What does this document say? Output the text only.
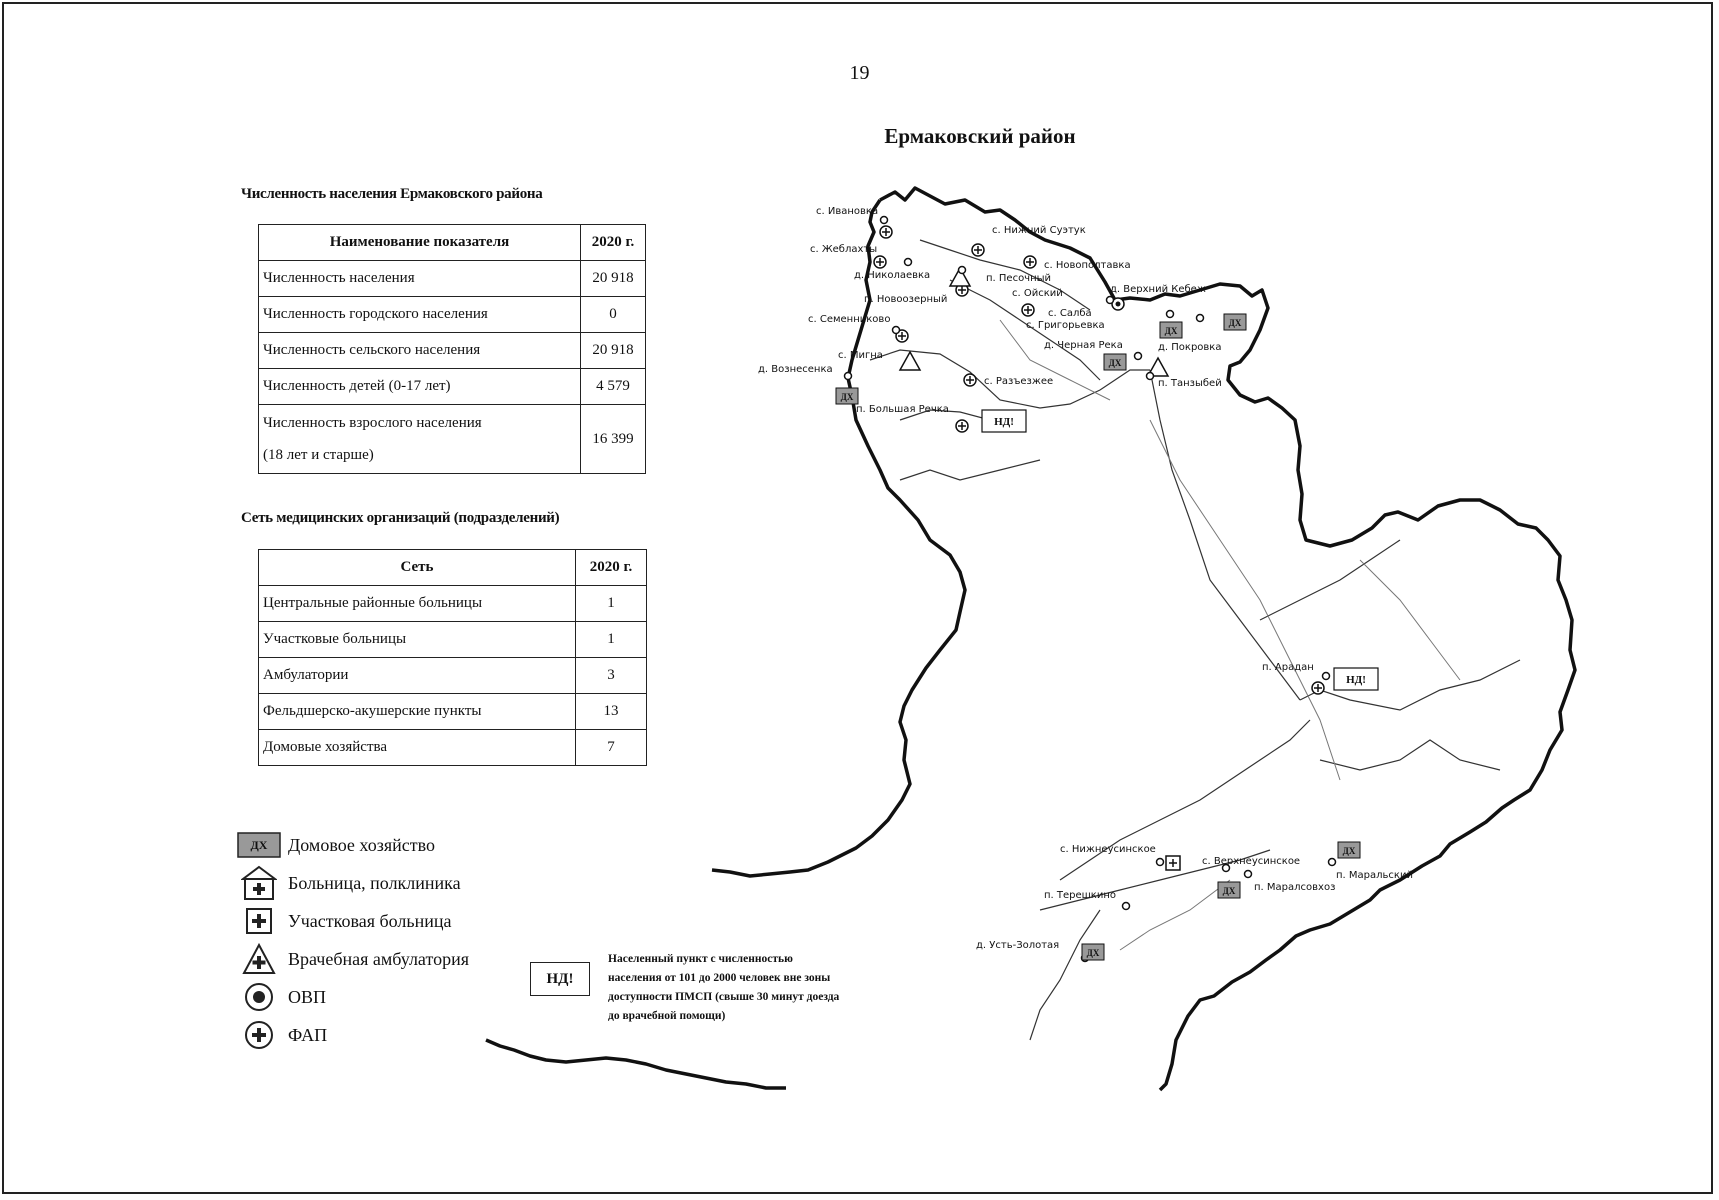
19
Ермаковский район
Численность населения Ермаковского района
Наименование показателя	2020 г.
Численность населения	20 918
Численность городского населения	0
Численность сельского населения	20 918
Численность детей (0-17 лет)	4 579

Численность взрослого населения
(18 лет и старше)	16 399
Сеть медицинских организаций (подразделений)
Сеть	2020 г.
Центральные районные больницы	1
Участковые больницы	1
Амбулатории	3
Фельдшерско-акушерские пункты	13
Домовые хозяйства	7
ДХ Домовое хозяйство
Больница, полклиника
Участковая больница
Врачебная амбулатория
ОВП
ФАП
НД!
Населенный пункт с численностью населения от 101 до 2000 человек вне зоны доступности ПМСП (свыше 30 минут доезда до врачебной помощи)
ДХ
ДХ
ДХ
ДХ
ДХ
ДХ
ДХ
НД!
НД!
с. Ивановка
с. Жеблахты
с. Нижний Суэтук
с. Новополтавка
д. Николаевка	п. Песочный
п. Новоозерный
с. Ойский	д. Верхний Кебеж
с. Семенниково
с. Салба
с. Григорьевка
с. Мигна
д. Черная Река	д. Покровка
д. Вознесенка
п. Танзыбей
с. Разъезжее
п. Большая Речка
п. Арадан
с. Нижнеусинское
с. Верхнеусинское
п. Маральский
п. Терешкино
п. Маралсовхоз
д. Усть-Золотая
